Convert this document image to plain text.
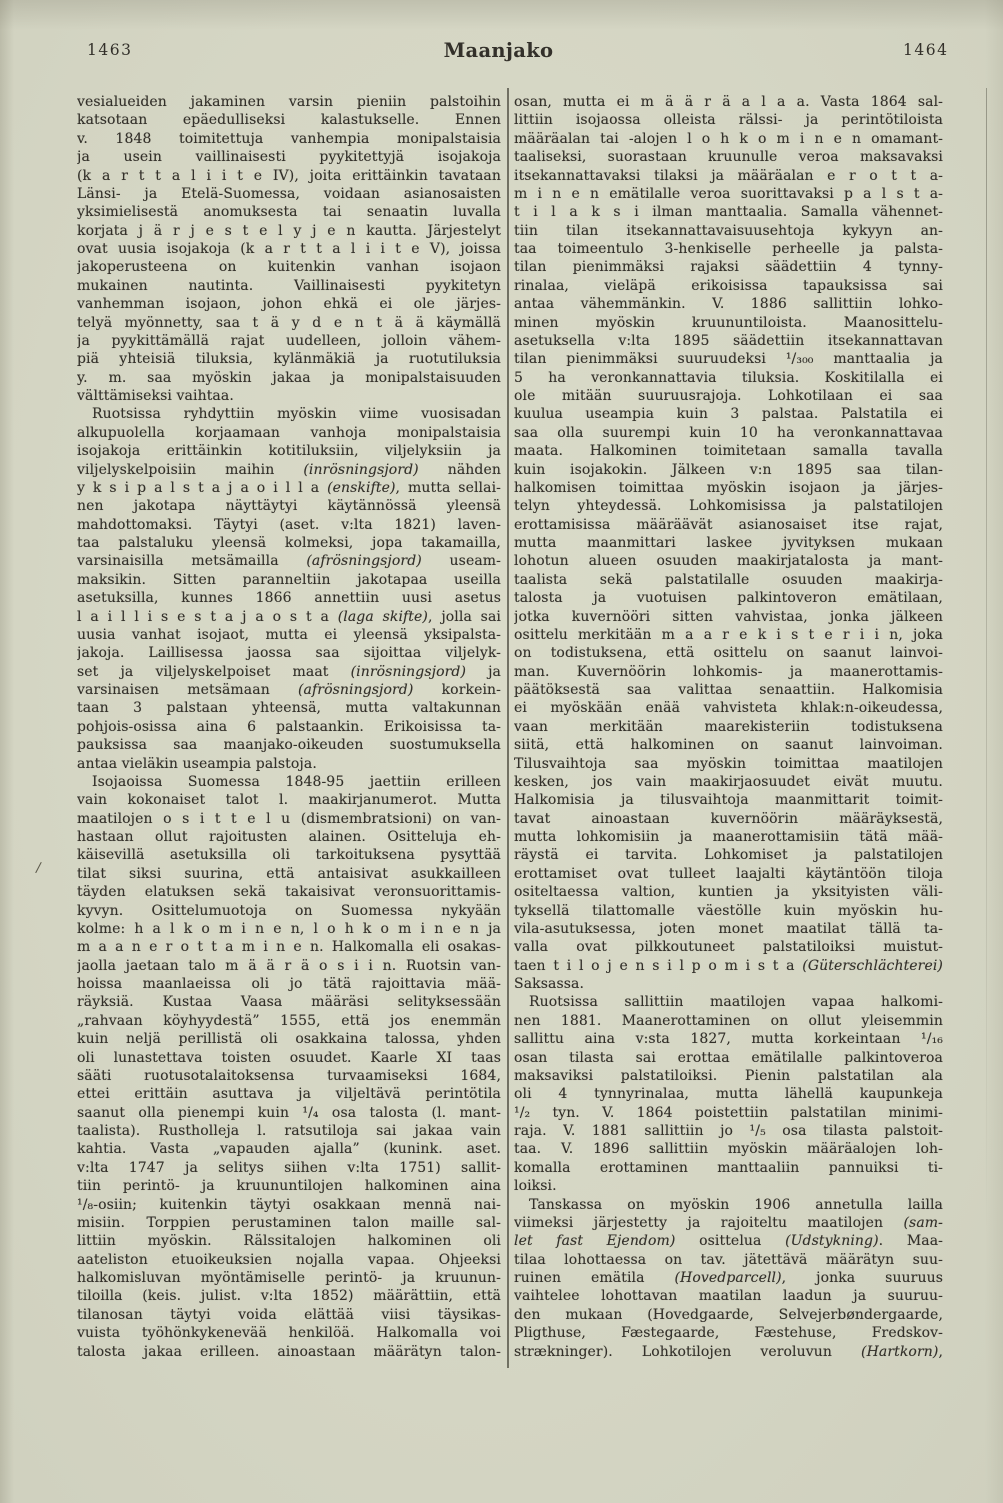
1463	Maanjako	1464
/
vesialueiden jakaminen varsin pieniin palstoihin
katsotaan epäedulliseksi kalastukselle. Ennen
v. 1848 toimitettuja vanhempia monipalstaisia
ja usein vaillinaisesti pyykitettyjä isojakoja
(k a r t t a l i i t e IV), joita erittäinkin tavataan
Länsi- ja Etelä-Suomessa, voidaan asianosaisten
yksimielisestä anomuksesta tai senaatin luvalla
korjata j ä r j e s t e l y j e n kautta. Järjestelyt
ovat uusia isojakoja (k a r t t a l i i t e V), joissa
jakoperusteena on kuitenkin vanhan isojaon
mukainen nautinta. Vaillinaisesti pyykitetyn
vanhemman isojaon, johon ehkä ei ole järjes-
telyä myönnetty, saa t ä y d e n t ä ä käymällä
ja pyykittämällä rajat uudelleen, jolloin vähem-
piä yhteisiä tiluksia, kylänmäkiä ja ruotutiluksia
y. m. saa myöskin jakaa ja monipalstaisuuden
välttämiseksi vaihtaa.
Ruotsissa ryhdyttiin myöskin viime vuosisadan
alkupuolella korjaamaan vanhoja monipalstaisia
isojakoja erittäinkin kotitiluksiin, viljelyksiin ja
viljelyskelpoisiin maihin (inrösningsjord) nähden
y k s i p a l s t a j a o i l l a (enskifte), mutta sellai-
nen jakotapa näyttäytyi käytännössä yleensä
mahdottomaksi. Täytyi (aset. v:lta 1821) laven-
taa palstaluku yleensä kolmeksi, jopa takamailla,
varsinaisilla metsämailla (afrösningsjord) useam-
maksikin. Sitten paranneltiin jakotapaa useilla
asetuksilla, kunnes 1866 annettiin uusi asetus
l a i l l i s e s t a j a o s t a (laga skifte), jolla sai
uusia vanhat isojaot, mutta ei yleensä yksipalsta-
jakoja. Laillisessa jaossa saa sijoittaa viljelyk-
set ja viljelyskelpoiset maat (inrösningsjord) ja
varsinaisen metsämaan (afrösningsjord) korkein-
taan 3 palstaan yhteensä, mutta valtakunnan
pohjois-osissa aina 6 palstaankin. Erikoisissa ta-
pauksissa saa maanjako-oikeuden suostumuksella
antaa vieläkin useampia palstoja.
Isojaoissa Suomessa 1848-95 jaettiin erilleen
vain kokonaiset talot l. maakirjanumerot. Mutta
maatilojen o s i t t e l u (dismembratsioni) on van-
hastaan ollut rajoitusten alainen. Ositteluja eh-
käisevillä asetuksilla oli tarkoituksena pysyttää
tilat siksi suurina, että antaisivat asukkailleen
täyden elatuksen sekä takaisivat veronsuorittamis-
kyvyn. Osittelumuotoja on Suomessa nykyään
kolme: h a l k o m i n e n, l o h k o m i n e n ja
m a a n e r o t t a m i n e n. Halkomalla eli osakas-
jaolla jaetaan talo m ä ä r ä o s i i n. Ruotsin van-
hoissa maanlaeissa oli jo tätä rajoittavia mää-
räyksiä. Kustaa Vaasa määräsi selityksessään
„rahvaan köyhyydestä” 1555, että jos enemmän
kuin neljä perillistä oli osakkaina talossa, yhden
oli lunastettava toisten osuudet. Kaarle XI taas
sääti ruotusotalaitoksensa turvaamiseksi 1684,
ettei erittäin asuttava ja viljeltävä perintötila
saanut olla pienempi kuin ¹/₄ osa talosta (l. mant-
taalista). Rustholleja l. ratsutiloja sai jakaa vain
kahtia. Vasta „vapauden ajalla” (kunink. aset.
v:lta 1747 ja selitys siihen v:lta 1751) sallit-
tiin perintö- ja kruununtilojen halkominen aina
¹/₈-osiin; kuitenkin täytyi osakkaan mennä nai-
misiin. Torppien perustaminen talon maille sal-
littiin myöskin. Rälssitalojen halkominen oli
aateliston etuoikeuksien nojalla vapaa. Ohjeeksi
halkomisluvan myöntämiselle perintö- ja kruunun-
tiloilla (keis. julist. v:lta 1852) määrättiin, että
tilanosan täytyi voida elättää viisi täysikas-
vuista työhönkykenevää henkilöä. Halkomalla voi
talosta jakaa erilleen. ainoastaan määrätyn talon-
osan, mutta ei m ä ä r ä a l a a. Vasta 1864 sal-
littiin isojaossa olleista rälssi- ja perintötiloista
määräalan tai -alojen l o h k o m i n e n omamant-
taaliseksi, suorastaan kruunulle veroa maksavaksi
itsekannattavaksi tilaksi ja määräalan e r o t t a-
m i n e n emätilalle veroa suorittavaksi p a l s t a-
t i l a k s i ilman manttaalia. Samalla vähennet-
tiin tilan itsekannattavaisuusehtoja kykyyn an-
taa toimeentulo 3-henkiselle perheelle ja palsta-
tilan pienimmäksi rajaksi säädettiin 4 tynny-
rinalaa, vieläpä erikoisissa tapauksissa sai
antaa vähemmänkin. V. 1886 sallittiin lohko-
minen myöskin kruununtiloista. Maanosittelu-
asetuksella v:lta 1895 säädettiin itsekannattavan
tilan pienimmäksi suuruudeksi ¹/₃₀₀ manttaalia ja
5 ha veronkannattavia tiluksia. Koskitilalla ei
ole mitään suuruusrajoja. Lohkotilaan ei saa
kuulua useampia kuin 3 palstaa. Palstatila ei
saa olla suurempi kuin 10 ha veronkannattavaa
maata. Halkominen toimitetaan samalla tavalla
kuin isojakokin. Jälkeen v:n 1895 saa tilan-
halkomisen toimittaa myöskin isojaon ja järjes-
telyn yhteydessä. Lohkomisissa ja palstatilojen
erottamisissa määräävät asianosaiset itse rajat,
mutta maanmittari laskee jyvityksen mukaan
lohotun alueen osuuden maakirjatalosta ja mant-
taalista sekä palstatilalle osuuden maakirja-
talosta ja vuotuisen palkintoveron emätilaan,
jotka kuvernööri sitten vahvistaa, jonka jälkeen
osittelu merkitään m a a r e k i s t e r i i n, joka
on todistuksena, että osittelu on saanut lainvoi-
man. Kuvernöörin lohkomis- ja maanerottamis-
päätöksestä saa valittaa senaattiin. Halkomisia
ei myöskään enää vahvisteta khlak:n-oikeudessa,
vaan merkitään maarekisteriin todistuksena
siitä, että halkominen on saanut lainvoiman.
Tilusvaihtoja saa myöskin toimittaa maatilojen
kesken, jos vain maakirjaosuudet eivät muutu.
Halkomisia ja tilusvaihtoja maanmittarit toimit-
tavat ainoastaan kuvernöörin määräyksestä,
mutta lohkomisiin ja maanerottamisiin tätä mää-
räystä ei tarvita. Lohkomiset ja palstatilojen
erottamiset ovat tulleet laajalti käytäntöön tiloja
ositeltaessa valtion, kuntien ja yksityisten väli-
tyksellä tilattomalle väestölle kuin myöskin hu-
vila-asutuksessa, joten monet maatilat tällä ta-
valla ovat pilkkoutuneet palstatiloiksi muistut-
taen t i l o j e n s i l p o m i s t a (Güterschlächterei)
Saksassa.
Ruotsissa sallittiin maatilojen vapaa halkomi-
nen 1881. Maanerottaminen on ollut yleisemmin
sallittu aina v:sta 1827, mutta korkeintaan ¹/₁₆
osan tilasta sai erottaa emätilalle palkintoveroa
maksaviksi palstatiloiksi. Pienin palstatilan ala
oli 4 tynnyrinalaa, mutta lähellä kaupunkeja
¹/₂ tyn. V. 1864 poistettiin palstatilan minimi-
raja. V. 1881 sallittiin jo ¹/₅ osa tilasta palstoit-
taa. V. 1896 sallittiin myöskin määräalojen loh-
komalla erottaminen manttaaliin pannuiksi ti-
loiksi.
Tanskassa on myöskin 1906 annetulla lailla
viimeksi järjestetty ja rajoiteltu maatilojen (sam-
let fast Ejendom) osittelua (Udstykning). Maa-
tilaa lohottaessa on tav. jätettävä määrätyn suu-
ruinen emätila (Hovedparcell), jonka suuruus
vaihtelee lohottavan maatilan laadun ja suuruu-
den mukaan (Hovedgaarde, Selvejerbøndergaarde,
Pligthuse, Fæstegaarde, Fæstehuse, Fredskov-
strækninger). Lohkotilojen veroluvun (Hartkorn),
